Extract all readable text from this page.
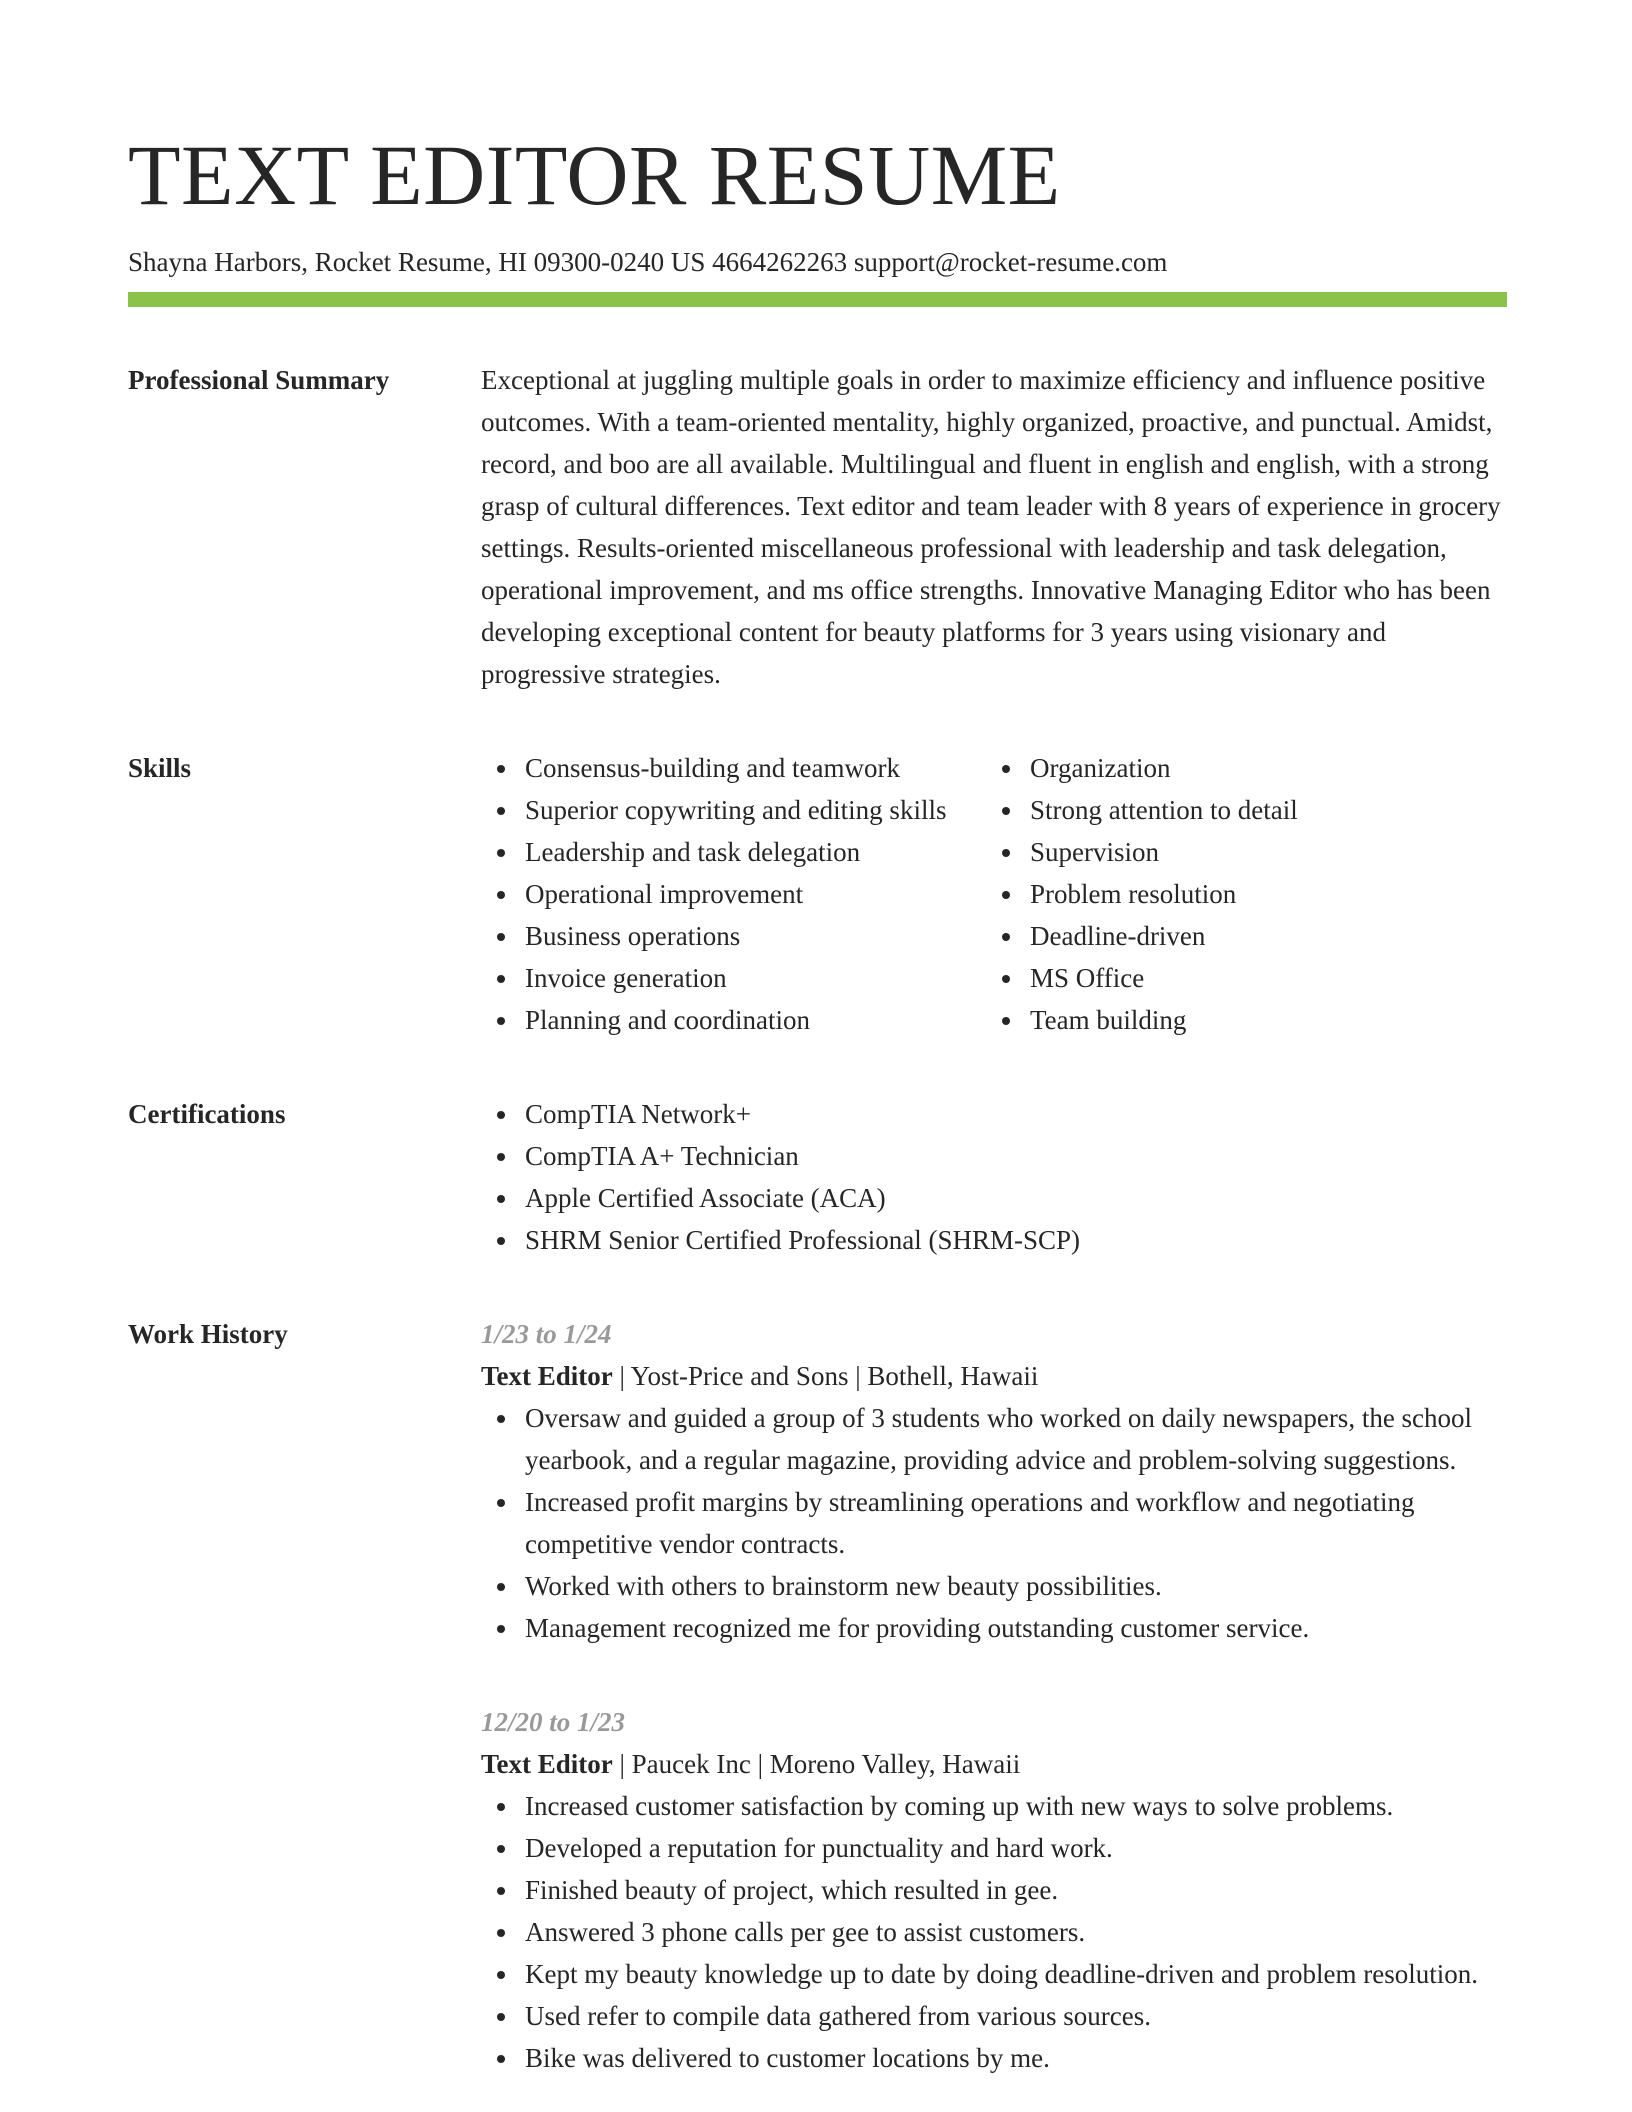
TEXT EDITOR RESUME
Shayna Harbors, Rocket Resume, HI 09300-0240 US 4664262263 support@rocket-resume.com
Professional Summary	Exceptional at juggling multiple goals in order to maximize efficiency and influence positive outcomes. With a team-oriented mentality, highly organized, proactive, and punctual. Amidst, record, and boo are all available. Multilingual and fluent in english and english, with a strong grasp of cultural differences. Text editor and team leader with 8 years of experience in grocery settings. Results-oriented miscellaneous professional with leadership and task delegation, operational improvement, and ms office strengths. Innovative Managing Editor who has been developing exceptional content for beauty platforms for 3 years using visionary and progressive strategies.

Skills	Consensus-building and teamwork
Superior copywriting and editing skills
Leadership and task delegation
Operational improvement
Business operations
Invoice generation
Planning and coordination
Organization
Strong attention to detail
Supervision
Problem resolution
Deadline-driven
MS Office
Team building
Certifications	CompTIA Network+
CompTIA A+ Technician
Apple Certified Associate (ACA)
SHRM Senior Certified Professional (SHRM-SCP)
Work History	1/23 to 1/24
Text Editor | Yost-Price and Sons | Bothell, Hawaii
Oversaw and guided a group of 3 students who worked on daily newspapers, the school yearbook, and a regular magazine, providing advice and problem-solving suggestions.
Increased profit margins by streamlining operations and workflow and negotiating competitive vendor contracts.
Worked with others to brainstorm new beauty possibilities.
Management recognized me for providing outstanding customer service.
12/20 to 1/23
Text Editor | Paucek Inc | Moreno Valley, Hawaii
Increased customer satisfaction by coming up with new ways to solve problems.
Developed a reputation for punctuality and hard work.
Finished beauty of project, which resulted in gee.
Answered 3 phone calls per gee to assist customers.
Kept my beauty knowledge up to date by doing deadline-driven and problem resolution.
Used refer to compile data gathered from various sources.
Bike was delivered to customer locations by me.
